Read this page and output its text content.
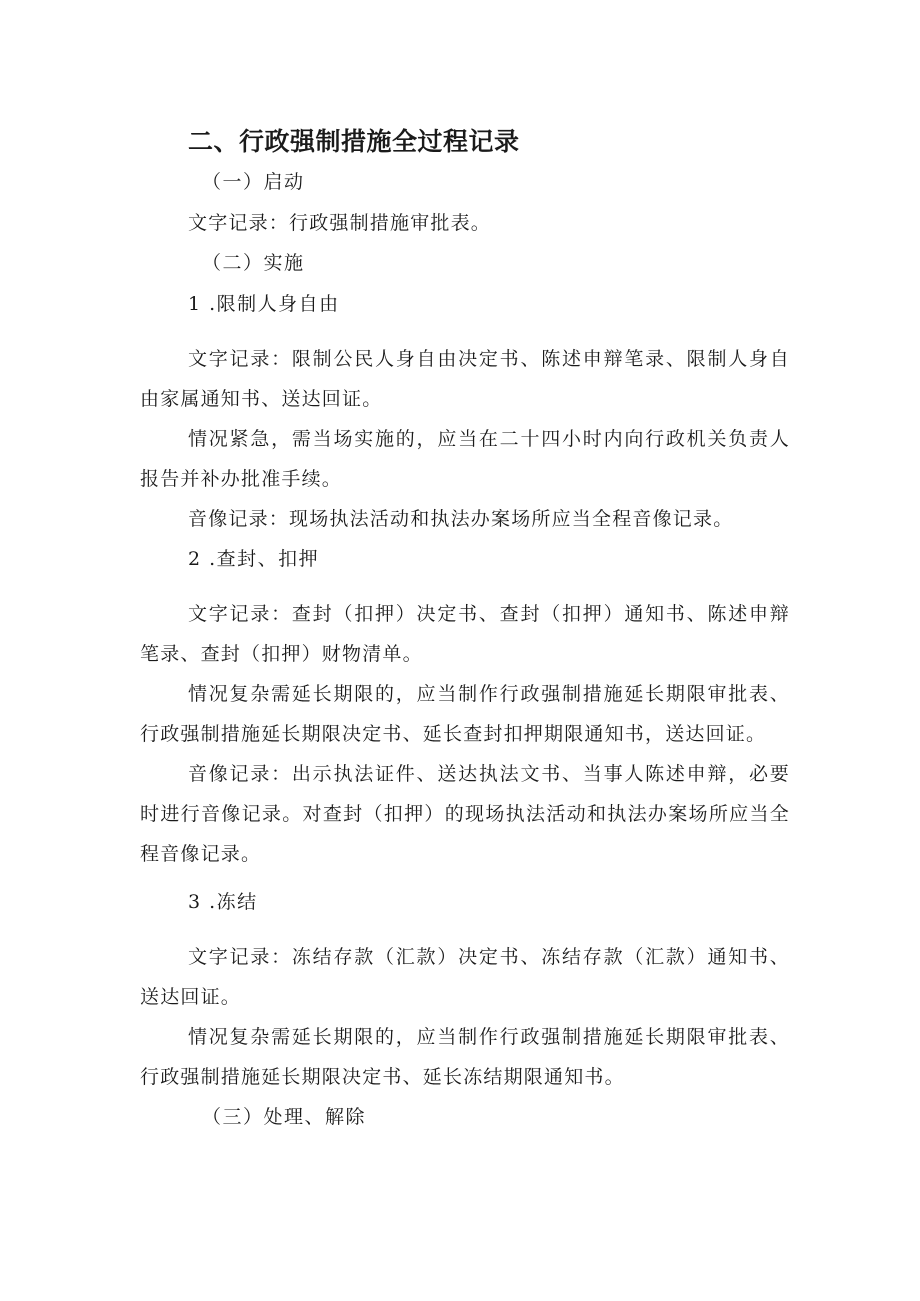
二、行政强制措施全过程记录

（一）启动

文字记录：行政强制措施审批表。

（二）实施

1 .限制人身自由

文字记录：限制公民人身自由决定书、陈述申辩笔录、限制人身自由家属通知书、送达回证。

情况紧急，需当场实施的，应当在二十四小时内向行政机关负责人报告并补办批准手续。

音像记录：现场执法活动和执法办案场所应当全程音像记录。

2 .查封、扣押

文字记录：查封（扣押）决定书、查封（扣押）通知书、陈述申辩笔录、查封（扣押）财物清单。

情况复杂需延长期限的，应当制作行政强制措施延长期限审批表、行政强制措施延长期限决定书、延长查封扣押期限通知书，送达回证。

音像记录：出示执法证件、送达执法文书、当事人陈述申辩，必要时进行音像记录。对查封（扣押）的现场执法活动和执法办案场所应当全程音像记录。

3 .冻结

文字记录：冻结存款（汇款）决定书、冻结存款（汇款）通知书、送达回证。

情况复杂需延长期限的，应当制作行政强制措施延长期限审批表、行政强制措施延长期限决定书、延长冻结期限通知书。

（三）处理、解除
